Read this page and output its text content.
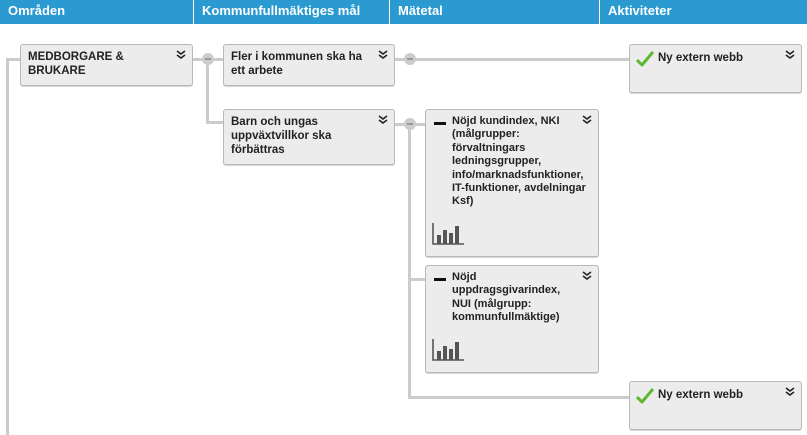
Områden	Kommunfullmäktiges mål	Mätetal	Aktiviteter
MEDBORGARE &
BRUKARE
Fler i kommunen ska ha
ett arbete
Barn och ungas
uppväxtvillkor ska
förbättras
Nöjd kundindex, NKI
(målgrupper:
förvaltningars
ledningsgrupper,
info/marknadsfunktioner,
IT-funktioner, avdelningar
Ksf)
Nöjd
uppdragsgivarindex,
NUI (målgrupp:
kommunfullmäktige)
Ny extern webb
Ny extern webb
